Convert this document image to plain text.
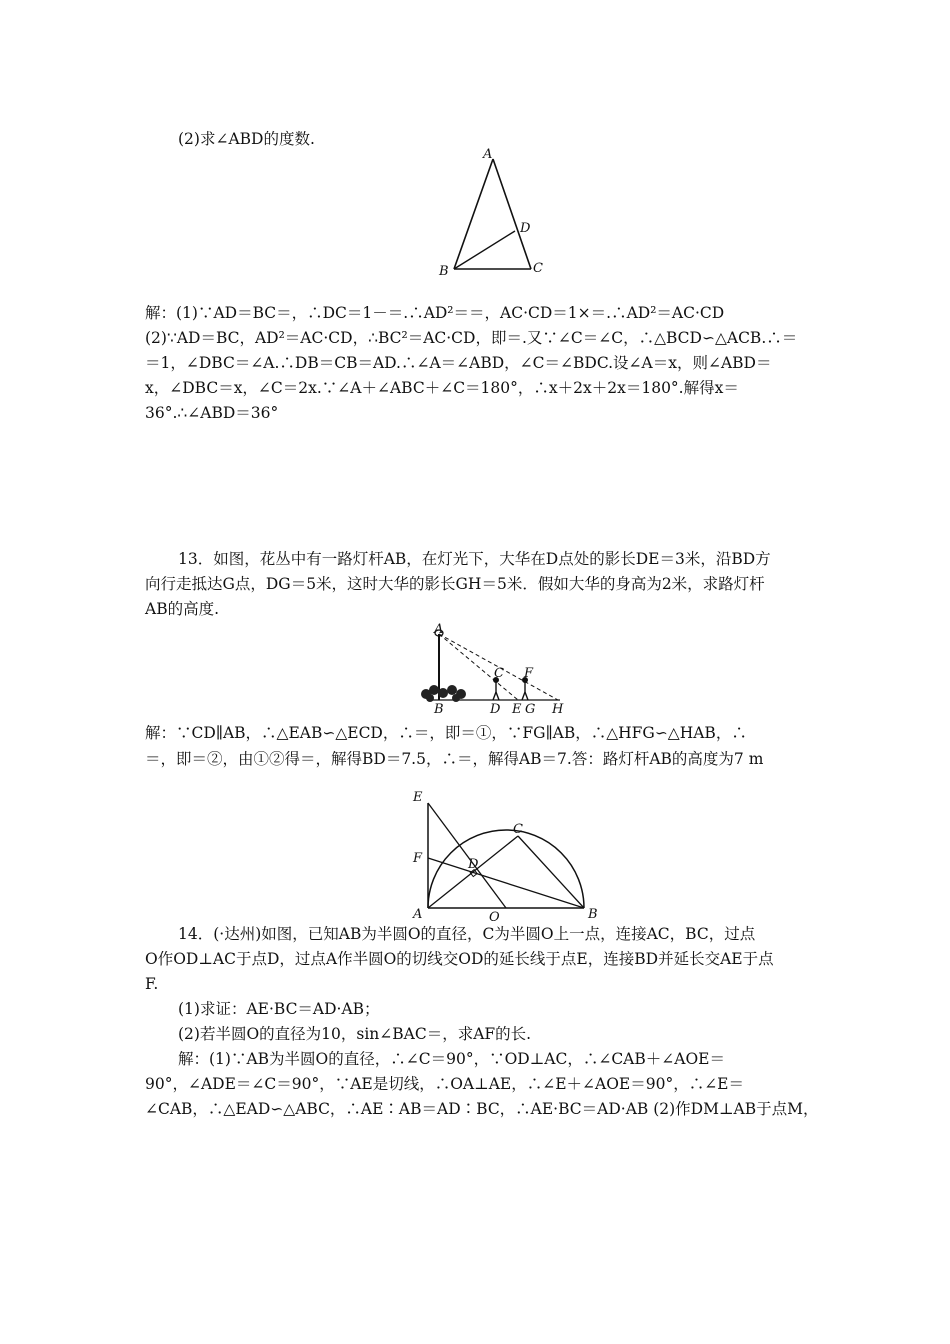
(2)求∠ABD的度数.
A
B	C
D
解：(1)∵AD＝BC＝，∴DC＝1－＝.∴AD²＝＝，AC·CD＝1×＝.∴AD²＝AC·CD
(2)∵AD＝BC，AD²＝AC·CD，∴BC²＝AC·CD，即＝.又∵∠C＝∠C，∴△BCD∽△ACB.∴＝
＝1，∠DBC＝∠A.∴DB＝CB＝AD.∴∠A＝∠ABD，∠C＝∠BDC.设∠A＝x，则∠ABD＝
x，∠DBC＝x，∠C＝2x.∵∠A＋∠ABC＋∠C＝180°，∴x＋2x＋2x＝180°.解得x＝
36°.∴∠ABD＝36°
13．如图，花丛中有一路灯杆AB，在灯光下，大华在D点处的影长DE＝3米，沿BD方
向行走抵达G点，DG＝5米，这时大华的影长GH＝5米．假如大华的身高为2米，求路灯杆
AB的高度.
A
B
C
D E
F
G H
解：∵CD∥AB，∴△EAB∽△ECD，∴＝，即＝①，∵FG∥AB，∴△HFG∽△HAB，∴
＝，即＝②，由①②得＝，解得BD＝7.5，∴＝，解得AB＝7.答：路灯杆AB的高度为7 m
E
F
A	B
C
D
O
14．(·达州)如图，已知AB为半圆O的直径，C为半圆O上一点，连接AC，BC，过点
O作OD⊥AC于点D，过点A作半圆O的切线交OD的延长线于点E，连接BD并延长交AE于点
F.
(1)求证：AE·BC＝AD·AB；
(2)若半圆O的直径为10，sin∠BAC＝，求AF的长.
解：(1)∵AB为半圆O的直径，∴∠C＝90°，∵OD⊥AC，∴∠CAB＋∠AOE＝
90°，∠ADE＝∠C＝90°，∵AE是切线，∴OA⊥AE，∴∠E＋∠AOE＝90°，∴∠E＝
∠CAB，∴△EAD∽△ABC，∴AE∶AB＝AD∶BC，∴AE·BC＝AD·AB (2)作DM⊥AB于点M，
